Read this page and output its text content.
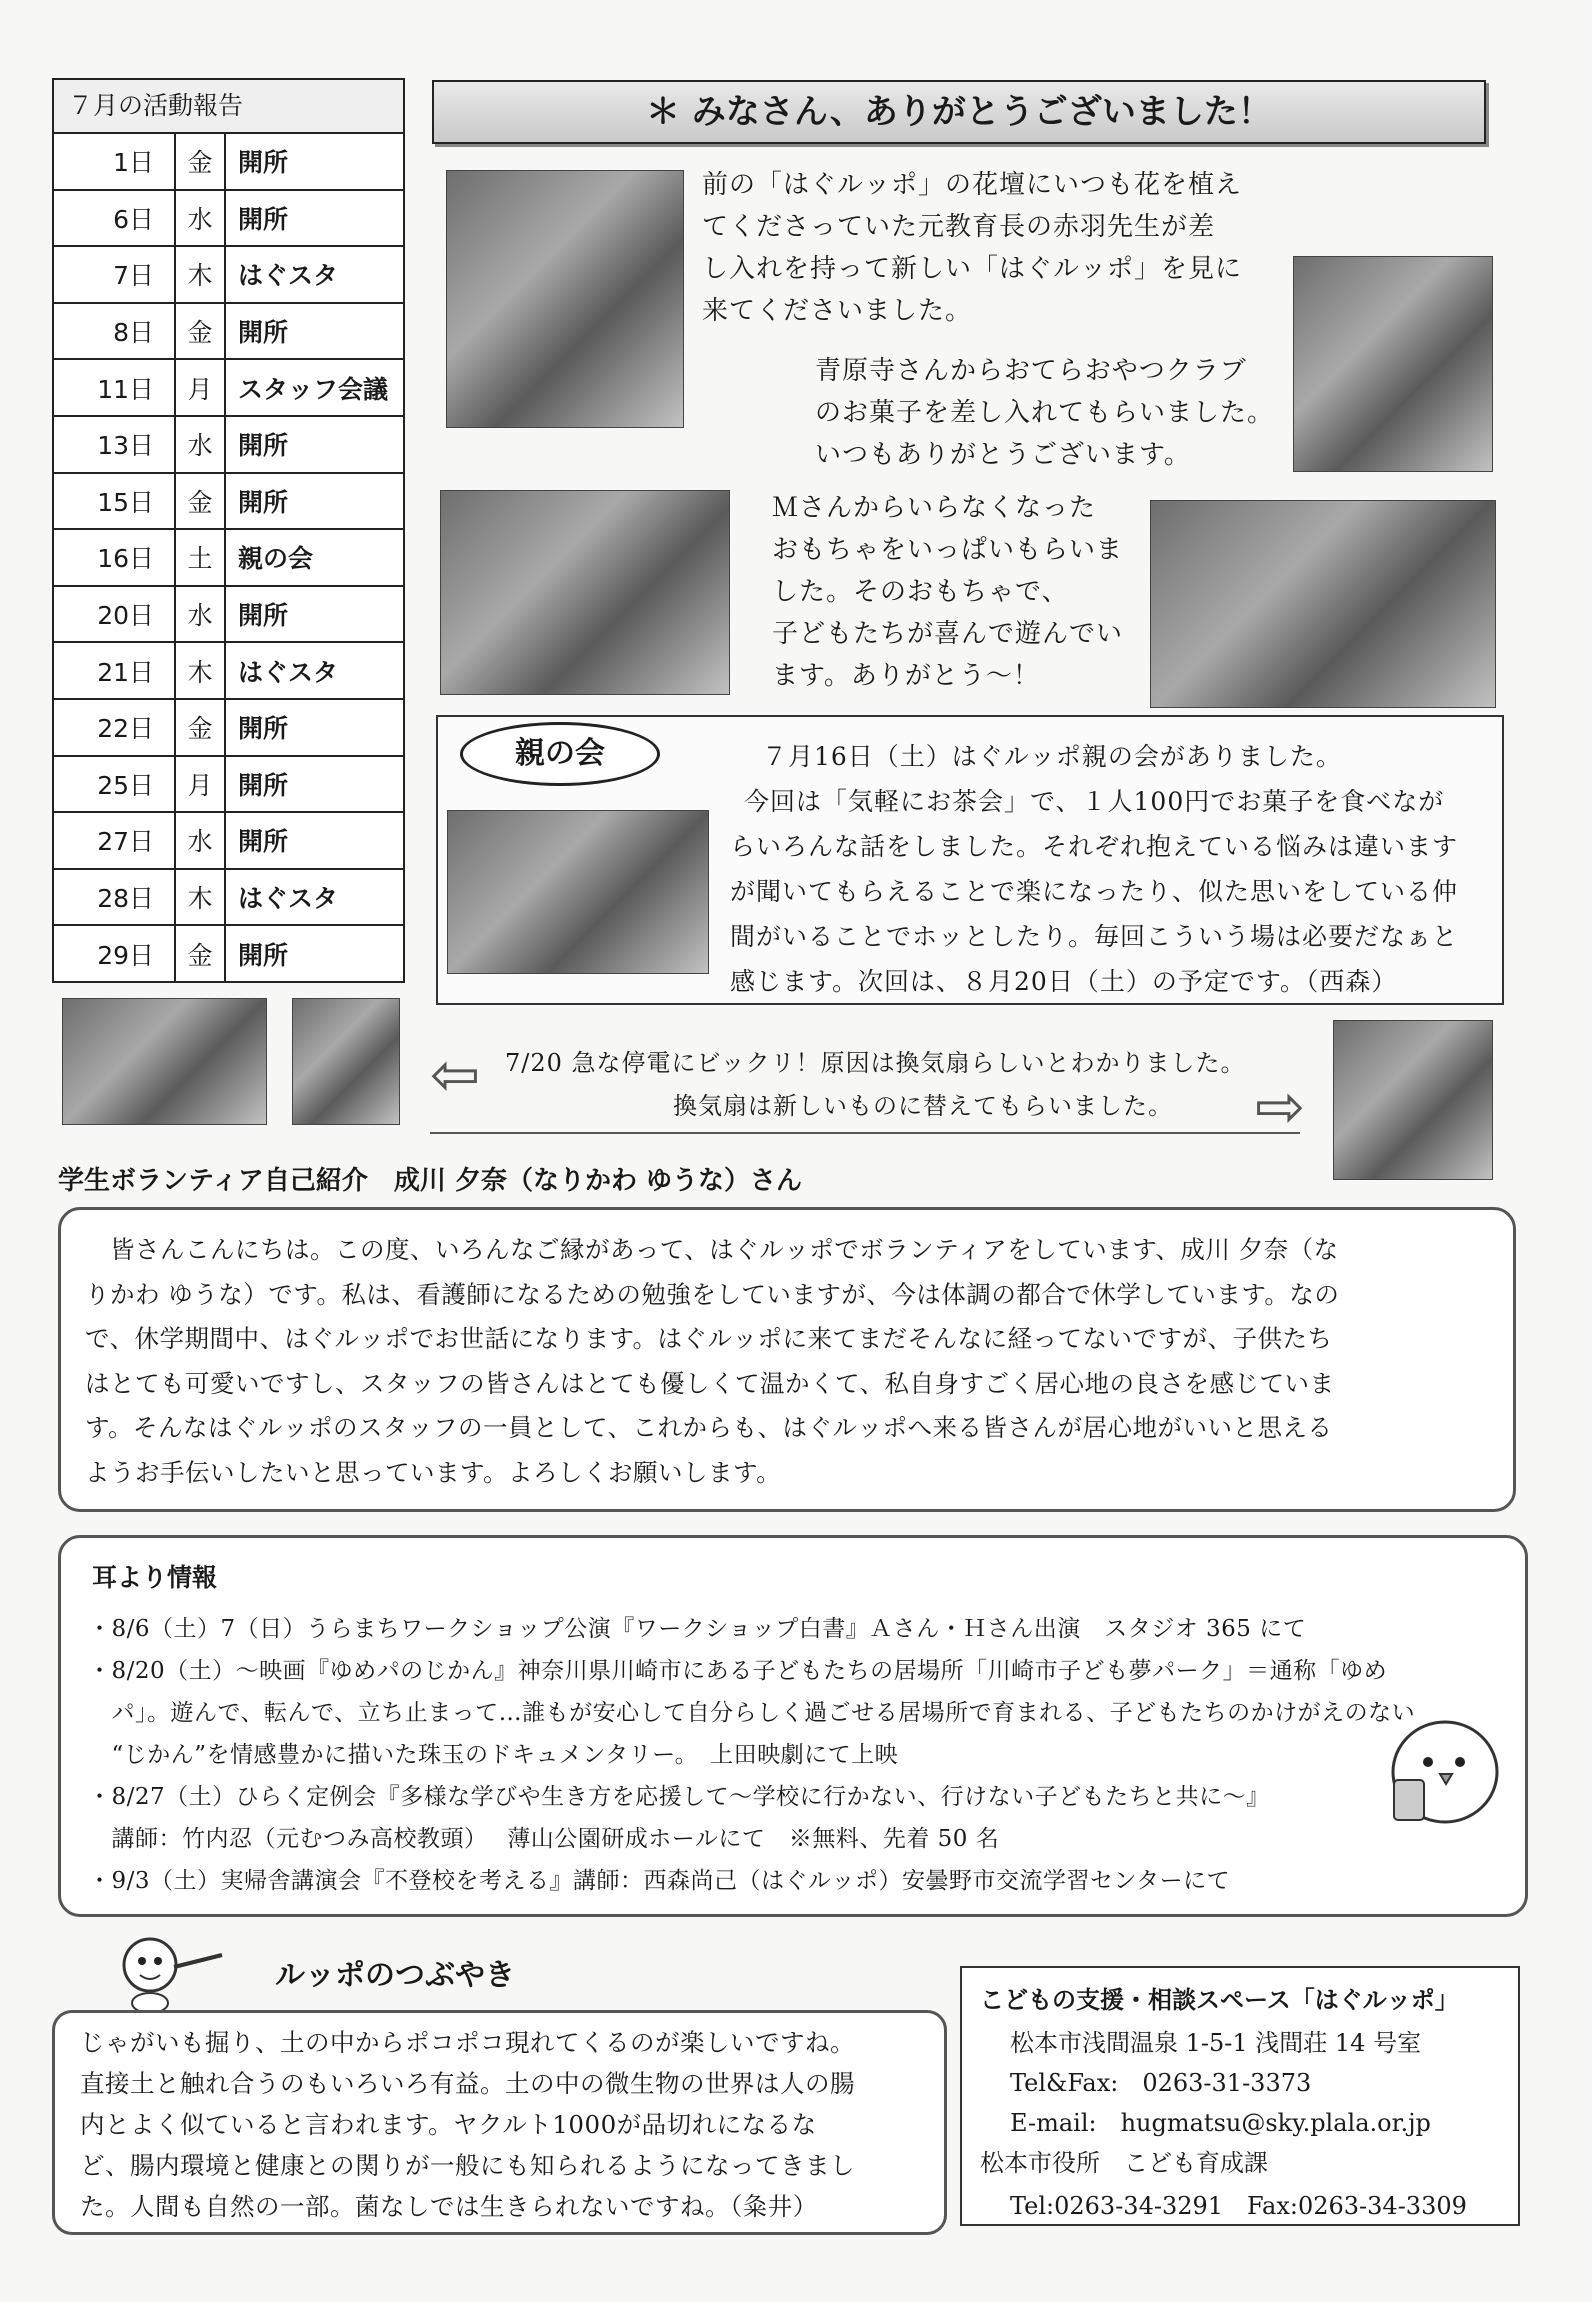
７月の活動報告
1日	金	開所
6日	水	開所
7日	木	はぐスタ
8日	金	開所
11日	月	スタッフ会議
13日	水	開所
15日	金	開所
16日	土	親の会
20日	水	開所
21日	木	はぐスタ
22日	金	開所
25日	月	開所
27日	水	開所
28日	木	はぐスタ
29日	金	開所
＊ みなさん、ありがとうございました！
前の「はぐルッポ」の花壇にいつも花を植え
てくださっていた元教育長の赤羽先生が差
し入れを持って新しい「はぐルッポ」を見に
来てくださいました。
青原寺さんからおてらおやつクラブ
のお菓子を差し入れてもらいました。
いつもありがとうございます。
Ｍさんからいらなくなった
おもちゃをいっぱいもらいま
した。そのおもちゃで、
子どもたちが喜んで遊んでい
ます。ありがとう～！
親の会	７月16日（土）はぐルッポ親の会がありました。
今回は「気軽にお茶会」で、１人100円でお菓子を食べなが
らいろんな話をしました。それぞれ抱えている悩みは違います
が聞いてもらえることで楽になったり、似た思いをしている仲
間がいることでホッとしたり。毎回こういう場は必要だなぁと
感じます。次回は、８月20日（土）の予定です。（西森）
⇦	⇨
7/20 急な停電にビックリ！原因は換気扇らしいとわかりました。
換気扇は新しいものに替えてもらいました。
学生ボランティア自己紹介　成川 夕奈（なりかわ ゆうな）さん
　皆さんこんにちは。この度、いろんなご縁があって、はぐルッポでボランティアをしています、成川 夕奈（な
りかわ ゆうな）です。私は、看護師になるための勉強をしていますが、今は体調の都合で休学しています。なの
で、休学期間中、はぐルッポでお世話になります。はぐルッポに来てまだそんなに経ってないですが、子供たち
はとても可愛いですし、スタッフの皆さんはとても優しくて温かくて、私自身すごく居心地の良さを感じていま
す。そんなはぐルッポのスタッフの一員として、これからも、はぐルッポへ来る皆さんが居心地がいいと思える
ようお手伝いしたいと思っています。よろしくお願いします。
耳より情報
・8/6（土）7（日）うらまちワークショップ公演『ワークショップ白書』Ａさん・Ｈさん出演　スタジオ 365 にて
・8/20（土）～映画『ゆめパのじかん』神奈川県川崎市にある子どもたちの居場所「川崎市子ども夢パーク」＝通称「ゆめ
　パ」。遊んで、転んで、立ち止まって…誰もが安心して自分らしく過ごせる居場所で育まれる、子どもたちのかけがえのない
　“じかん”を情感豊かに描いた珠玉のドキュメンタリー。　上田映劇にて上映
・8/27（土）ひらく定例会『多様な学びや生き方を応援して～学校に行かない、行けない子どもたちと共に～』
　講師：竹内忍（元むつみ高校教頭）　 薄山公園研成ホールにて　※無料、先着 50 名
・9/3（土）実帰舎講演会『不登校を考える』講師：西森尚己（はぐルッポ）安曇野市交流学習センターにて
ルッポのつぶやき
じゃがいも掘り、土の中からポコポコ現れてくるのが楽しいですね。
直接土と触れ合うのもいろいろ有益。土の中の微生物の世界は人の腸
内とよく似ていると言われます。ヤクルト1000が品切れになるな
ど、腸内環境と健康との関りが一般にも知られるようになってきまし
た。人間も自然の一部。菌なしでは生きられないですね。（粂井）
こどもの支援・相談スペース「はぐルッポ」
松本市浅間温泉 1-5-1 浅間荘 14 号室
Tel&Fax:　0263-31-3373
E-mail:　hugmatsu@sky.plala.or.jp
松本市役所　こども育成課
Tel:0263-34-3291　Fax:0263-34-3309
